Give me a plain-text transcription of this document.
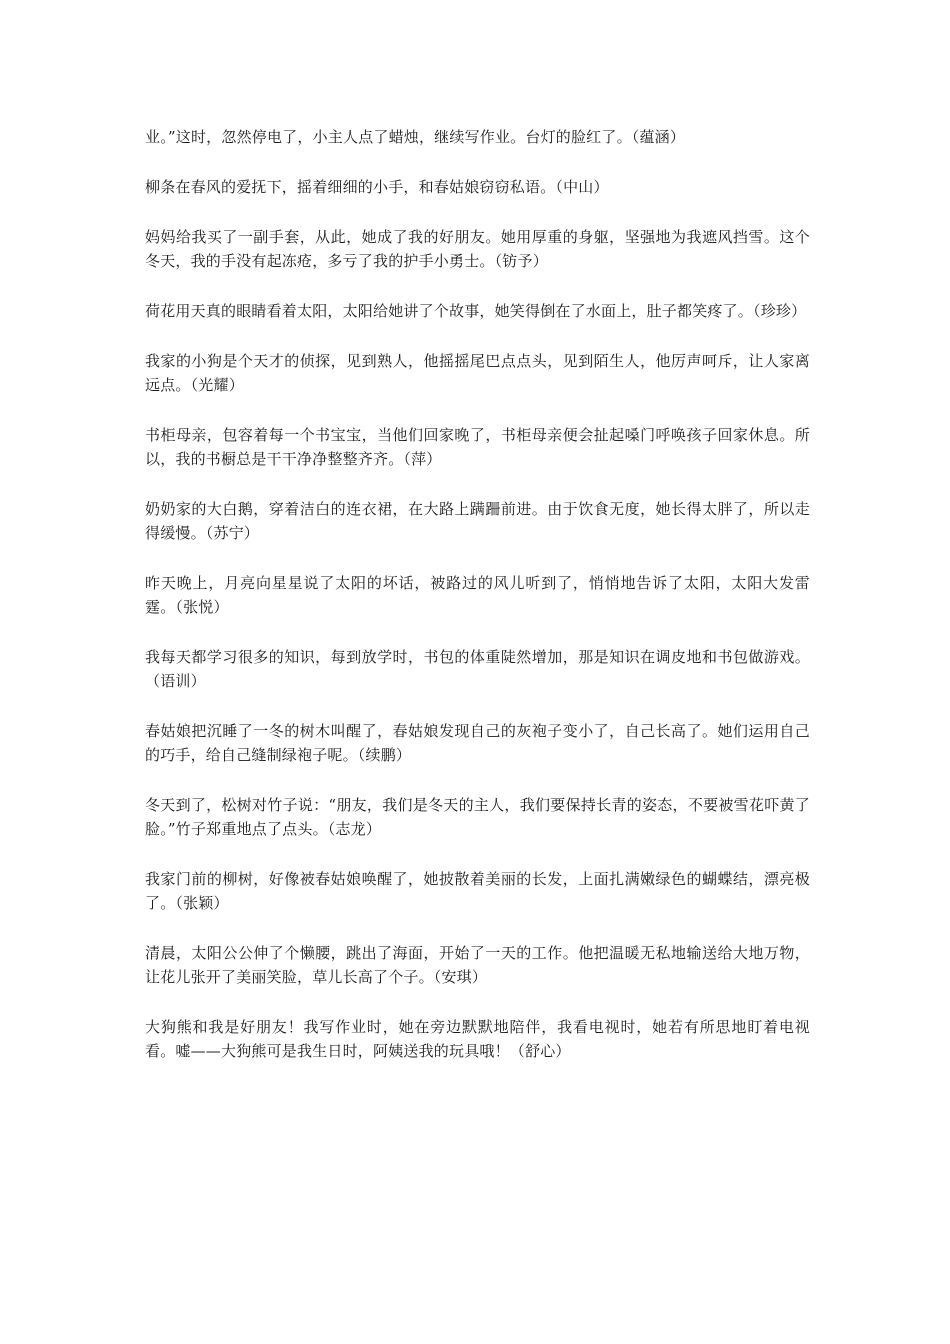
业。”这时，忽然停电了，小主人点了蜡烛，继续写作业。台灯的脸红了。（蕴涵）

柳条在春风的爱抚下，摇着细细的小手，和春姑娘窃窃私语。（中山）

妈妈给我买了一副手套，从此，她成了我的好朋友。她用厚重的身躯，坚强地为我遮风挡雪。这个冬天，我的手没有起冻疮，多亏了我的护手小勇士。（钫予）

荷花用天真的眼睛看着太阳，太阳给她讲了个故事，她笑得倒在了水面上，肚子都笑疼了。（珍珍）

我家的小狗是个天才的侦探，见到熟人，他摇摇尾巴点点头，见到陌生人，他厉声呵斥，让人家离远点。（光耀）

书柜母亲，包容着每一个书宝宝，当他们回家晚了，书柜母亲便会扯起嗓门呼唤孩子回家休息。所以，我的书橱总是干干净净整整齐齐。（萍）

奶奶家的大白鹅，穿着洁白的连衣裙，在大路上蹒跚前进。由于饮食无度，她长得太胖了，所以走得缓慢。（苏宁）

昨天晚上，月亮向星星说了太阳的坏话，被路过的风儿听到了，悄悄地告诉了太阳，太阳大发雷霆。（张悦）

我每天都学习很多的知识，每到放学时，书包的体重陡然增加，那是知识在调皮地和书包做游戏。（语训）

春姑娘把沉睡了一冬的树木叫醒了，春姑娘发现自己的灰袍子变小了，自己长高了。她们运用自己的巧手，给自己缝制绿袍子呢。（续鹏）

冬天到了，松树对竹子说：“朋友，我们是冬天的主人，我们要保持长青的姿态，不要被雪花吓黄了脸。”竹子郑重地点了点头。（志龙）

我家门前的柳树，好像被春姑娘唤醒了，她披散着美丽的长发，上面扎满嫩绿色的蝴蝶结，漂亮极了。（张颖）

清晨，太阳公公伸了个懒腰，跳出了海面，开始了一天的工作。他把温暖无私地输送给大地万物，让花儿张开了美丽笑脸，草儿长高了个子。（安琪）

大狗熊和我是好朋友！我写作业时，她在旁边默默地陪伴，我看电视时，她若有所思地盯着电视看。嘘——大狗熊可是我生日时，阿姨送我的玩具哦！（舒心）
